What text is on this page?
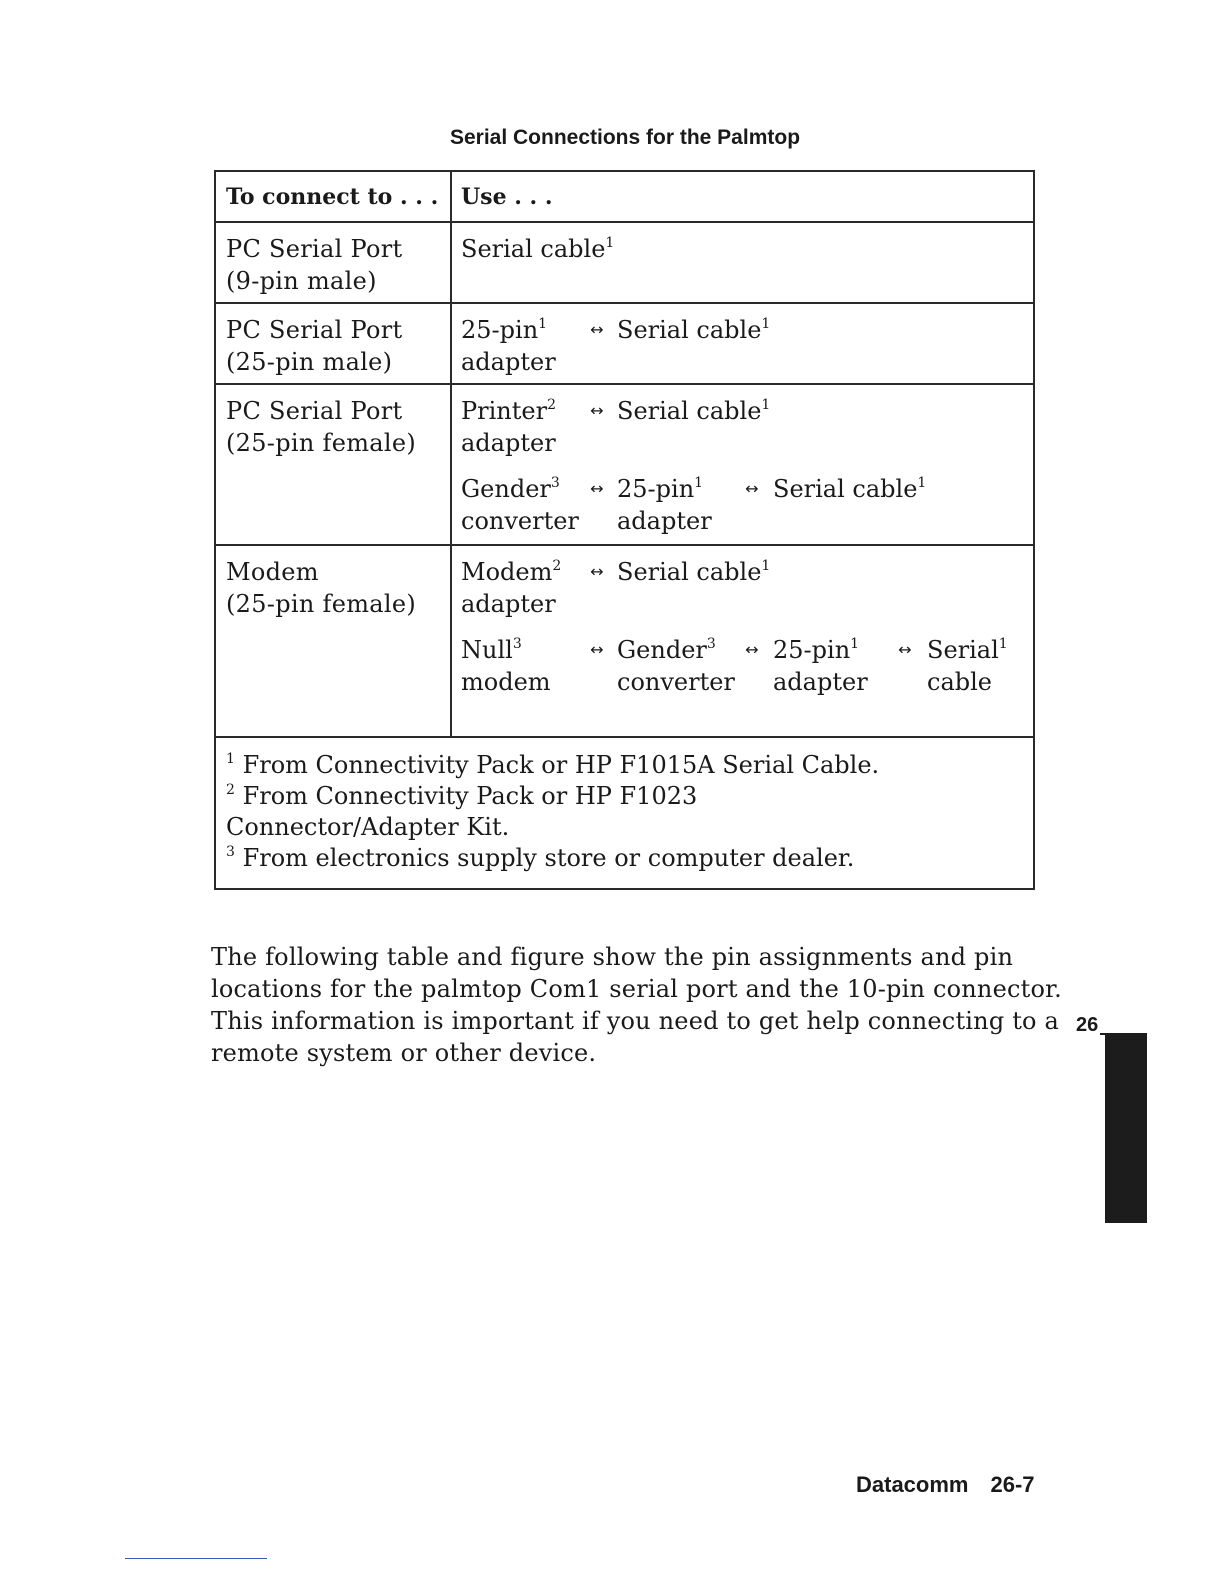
Serial Connections for the Palmtop
To connect to . . .	Use . . .
PC Serial Port
(9-pin male)
Serial cable$^1$
PC Serial Port
(25-pin male)
25-pin$^1$
adapter
↔ Serial cable$^1$
PC Serial Port
(25-pin female)
Printer$^2$
adapter
↔ Serial cable$^1$
Gender$^3$
converter
↔ 25-pin$^1$
adapter
↔ Serial cable$^1$
Modem
(25-pin female)
Modem$^2$
adapter
↔ Serial cable$^1$
Null$^3$
modem
↔ Gender$^3$
converter
↔ 25-pin$^1$
adapter
↔ Serial$^1$
cable
$^1$ From Connectivity Pack or HP F1015A Serial Cable.
$^2$ From Connectivity Pack or HP F1023
Connector/Adapter Kit.
$^3$ From electronics supply store or computer dealer.
The following table and figure show the pin assignments and pin
locations for the palmtop Com1 serial port and the 10-pin connector.
This information is important if you need to get help connecting to a
remote system or other device.
26
Datacomm 26-7
